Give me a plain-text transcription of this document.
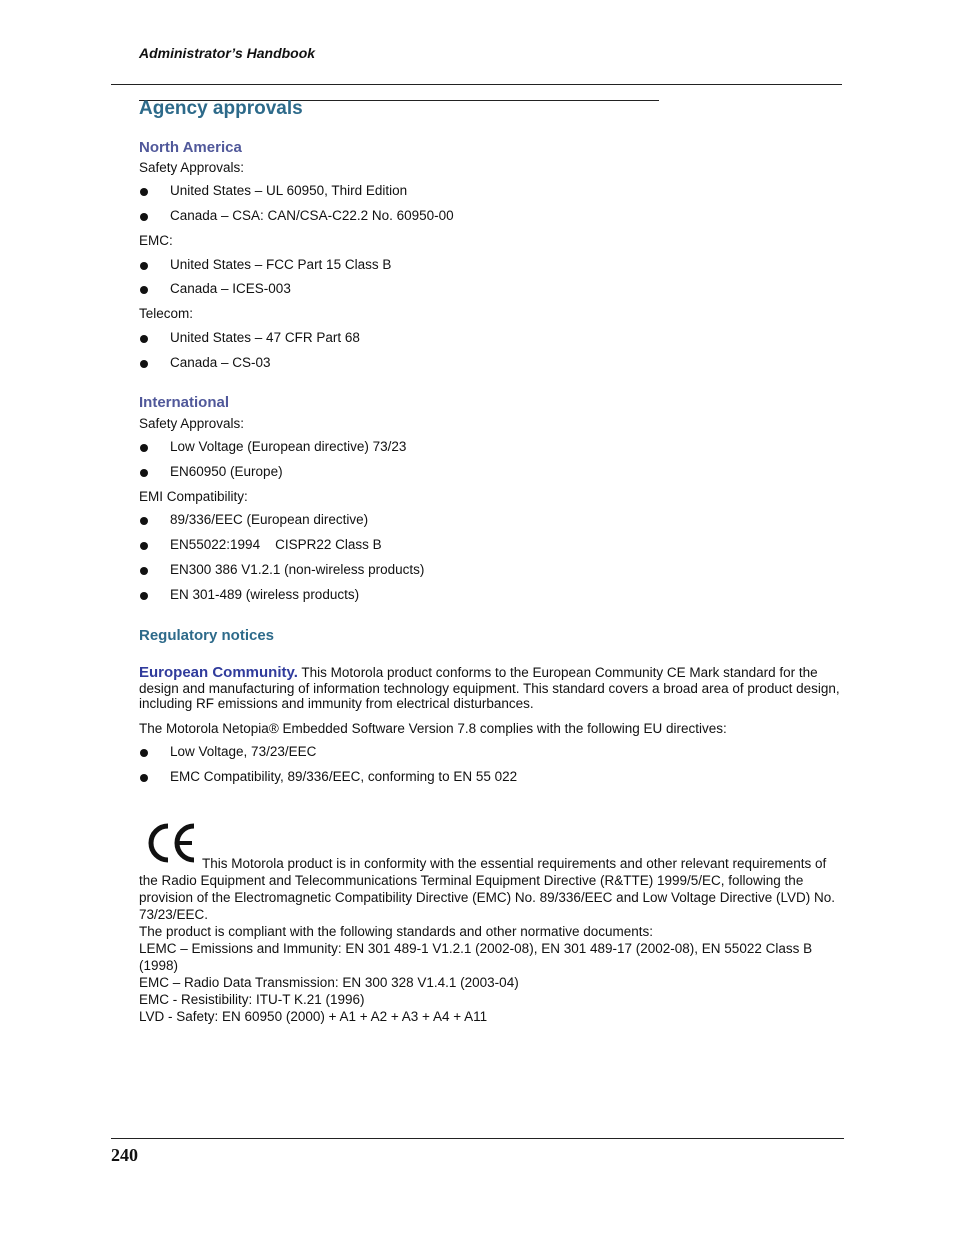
Administrator’s Handbook
Agency approvals
North America
Safety Approvals:
United States – UL 60950, Third Edition
Canada – CSA: CAN/CSA-C22.2 No. 60950-00
EMC:
United States – FCC Part 15 Class B
Canada – ICES-003
Telecom:
United States – 47 CFR Part 68
Canada – CS-03
International
Safety Approvals:
Low Voltage (European directive) 73/23
EN60950 (Europe)
EMI Compatibility:
89/336/EEC (European directive)
EN55022:1994    CISPR22 Class B
EN300 386 V1.2.1 (non-wireless products)
EN 301-489 (wireless products)
Regulatory notices
European Community. This Motorola product conforms to the European Community CE Mark standard for the design and manufacturing of information technology equipment. This standard covers a broad area of product design, including RF emissions and immunity from electrical disturbances.
The Motorola Netopia® Embedded Software Version 7.8 complies with the following EU directives:
Low Voltage, 73/23/EEC
EMC Compatibility, 89/336/EEC, conforming to EN 55 022
This Motorola product is in conformity with the essential requirements and other relevant requirements of the Radio Equipment and Telecommunications Terminal Equipment Directive (R&TTE) 1999/5/EC, following the provision of the Electromagnetic Compatibility Directive (EMC) No. 89/336/EEC and Low Voltage Directive (LVD) No. 73/23/EEC.
The product is compliant with the following standards and other normative documents:
LEMC – Emissions and Immunity: EN 301 489-1 V1.2.1 (2002-08), EN 301 489-17 (2002-08), EN 55022 Class B (1998)
EMC – Radio Data Transmission: EN 300 328 V1.4.1 (2003-04)
EMC - Resistibility: ITU-T K.21 (1996)
LVD - Safety: EN 60950 (2000) + A1 + A2 + A3 + A4 + A11
240
